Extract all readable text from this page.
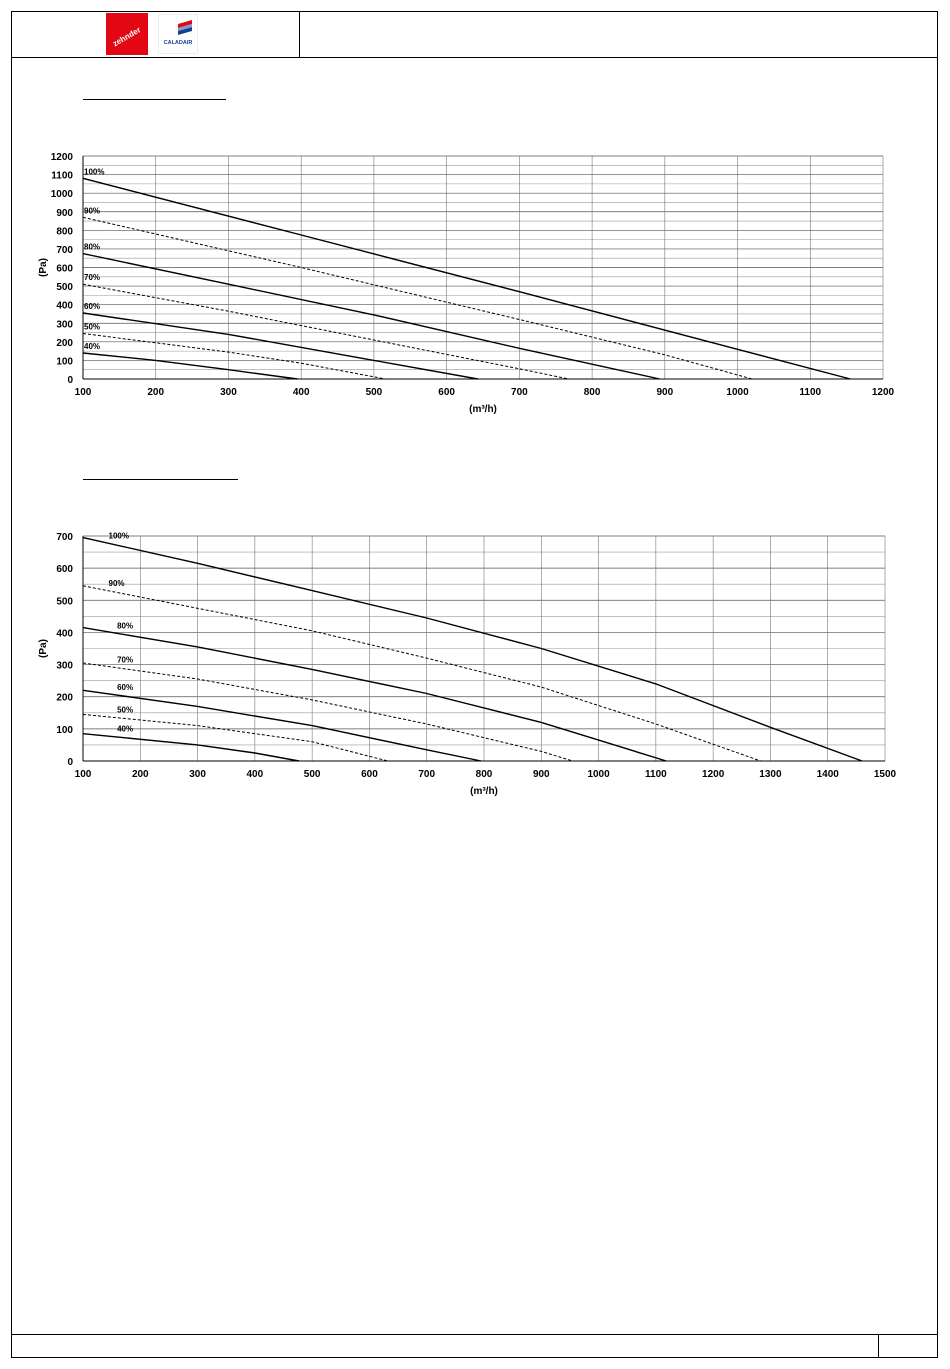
zehnder	CALADAIR
100	200	300	400	500	600	700	800	900	1000	1100	1200
0
100
200
300
400
500
600
700
800
900
1000
1100
1200
(m³/h)
(Pa)
100%
90%
80%
70%
60%
50%
40%
100	200	300	400	500	600	700	800	900	1000	1100	1200	1300	1400	1500
0
100
200
300
400
500
600
700
(m³/h)
(Pa)
100%
90%
80%
70%
60%
50%
40%
